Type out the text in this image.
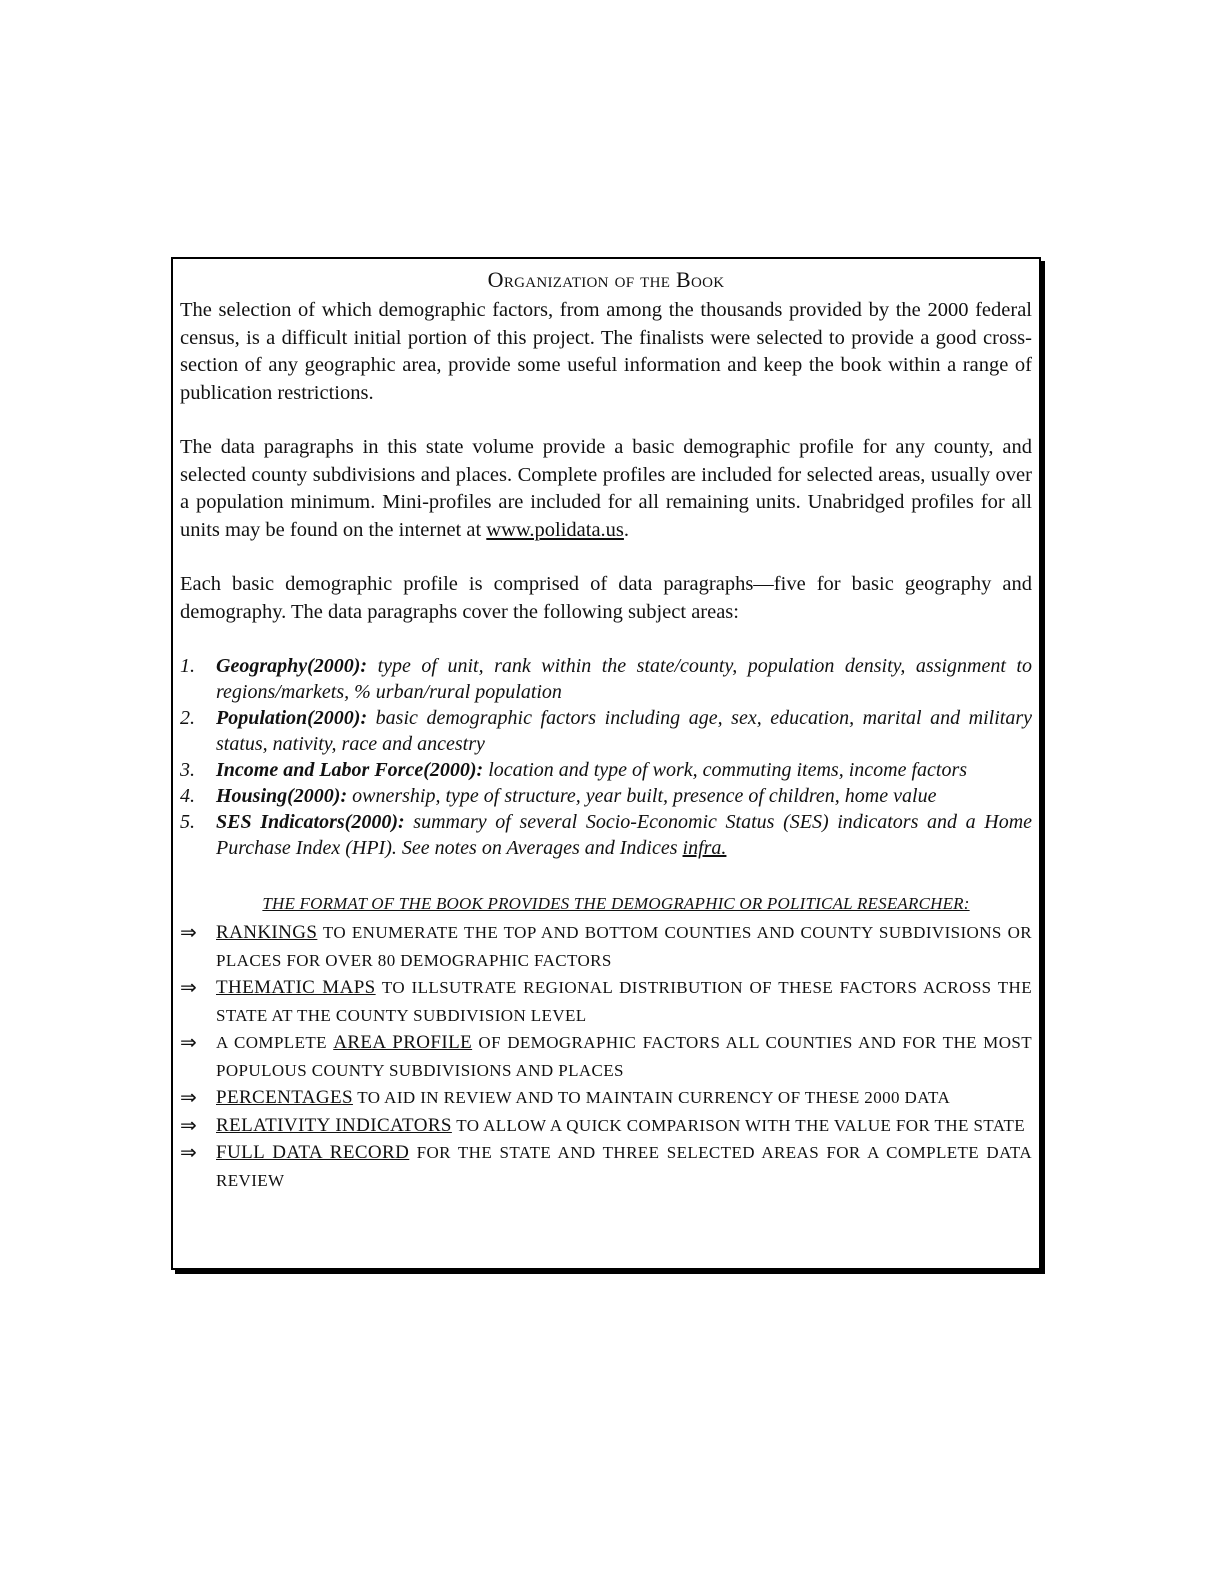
Organization of the Book

The selection of which demographic factors, from among the thousands provided by the 2000 federal census, is a difficult initial portion of this project. The finalists were selected to provide a good cross-section of any geographic area, provide some useful information and keep the book within a range of publication restrictions.

The data paragraphs in this state volume provide a basic demographic profile for any county, and selected county subdivisions and places. Complete profiles are included for selected areas, usually over a population minimum. Mini-profiles are included for all remaining units. Unabridged profiles for all units may be found on the internet at www.polidata.us.

Each basic demographic profile is comprised of data paragraphs—five for basic geography and demography. The data paragraphs cover the following subject areas:

1. Geography(2000): type of unit, rank within the state/county, population density, assignment to regions/markets, % urban/rural population
2. Population(2000): basic demographic factors including age, sex, education, marital and military status, nativity, race and ancestry
3. Income and Labor Force(2000): location and type of work, commuting items, income factors
4. Housing(2000): ownership, type of structure, year built, presence of children, home value
5. SES Indicators(2000): summary of several Socio-Economic Status (SES) indicators and a Home Purchase Index (HPI). See notes on Averages and Indices infra.
THE FORMAT OF THE BOOK PROVIDES THE DEMOGRAPHIC OR POLITICAL RESEARCHER:
⇒ RANKINGS TO ENUMERATE THE TOP AND BOTTOM COUNTIES AND COUNTY SUBDIVISIONS OR PLACES FOR OVER 80 DEMOGRAPHIC FACTORS
⇒ THEMATIC MAPS TO ILLSUTRATE REGIONAL DISTRIBUTION OF THESE FACTORS ACROSS THE STATE AT THE COUNTY SUBDIVISION LEVEL
⇒ A COMPLETE AREA PROFILE OF DEMOGRAPHIC FACTORS ALL COUNTIES AND FOR THE MOST POPULOUS COUNTY SUBDIVISIONS AND PLACES
⇒ PERCENTAGES TO AID IN REVIEW AND TO MAINTAIN CURRENCY OF THESE 2000 DATA
⇒ RELATIVITY INDICATORS TO ALLOW A QUICK COMPARISON WITH THE VALUE FOR THE STATE
⇒ FULL DATA RECORD FOR THE STATE AND THREE SELECTED AREAS FOR A COMPLETE DATA REVIEW
